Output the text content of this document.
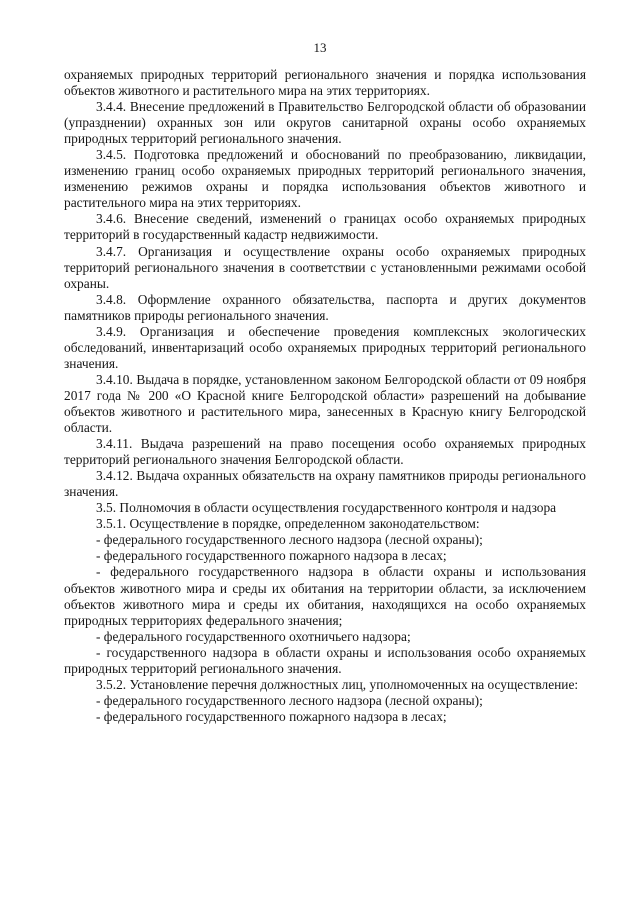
13

охраняемых природных территорий регионального значения и порядка использования объектов животного и растительного мира на этих территориях.

3.4.4. Внесение предложений в Правительство Белгородской области об образовании (упразднении) охранных зон или округов санитарной охраны особо охраняемых природных территорий регионального значения.

3.4.5. Подготовка предложений и обоснований по преобразованию, ликвидации, изменению границ особо охраняемых природных территорий регионального значения, изменению режимов охраны и порядка использования объектов животного и растительного мира на этих территориях.

3.4.6. Внесение сведений, изменений о границах особо охраняемых природных территорий в государственный кадастр недвижимости.

3.4.7. Организация и осуществление охраны особо охраняемых природных территорий регионального значения в соответствии с установленными режимами особой охраны.

3.4.8. Оформление охранного обязательства, паспорта и других документов памятников природы регионального значения.

3.4.9. Организация и обеспечение проведения комплексных экологических обследований, инвентаризаций особо охраняемых природных территорий регионального значения.

3.4.10. Выдача в порядке, установленном законом Белгородской области от 09 ноября 2017 года № 200 «О Красной книге Белгородской области» разрешений на добывание объектов животного и растительного мира, занесенных в Красную книгу Белгородской области.

3.4.11. Выдача разрешений на право посещения особо охраняемых природных территорий регионального значения Белгородской области.

3.4.12. Выдача охранных обязательств на охрану памятников природы регионального значения.

3.5. Полномочия в области осуществления государственного контроля и надзора

3.5.1. Осуществление в порядке, определенном законодательством:

- федерального государственного лесного надзора (лесной охраны);

- федерального государственного пожарного надзора в лесах;

- федерального государственного надзора в области охраны и использования объектов животного мира и среды их обитания на территории области, за исключением объектов животного мира и среды их обитания, находящихся на особо охраняемых природных территориях федерального значения;

- федерального государственного охотничьего надзора;

- государственного надзора в области охраны и использования особо охраняемых природных территорий регионального значения.

3.5.2. Установление перечня должностных лиц, уполномоченных на осуществление:

- федерального государственного лесного надзора (лесной охраны);

- федерального государственного пожарного надзора в лесах;
